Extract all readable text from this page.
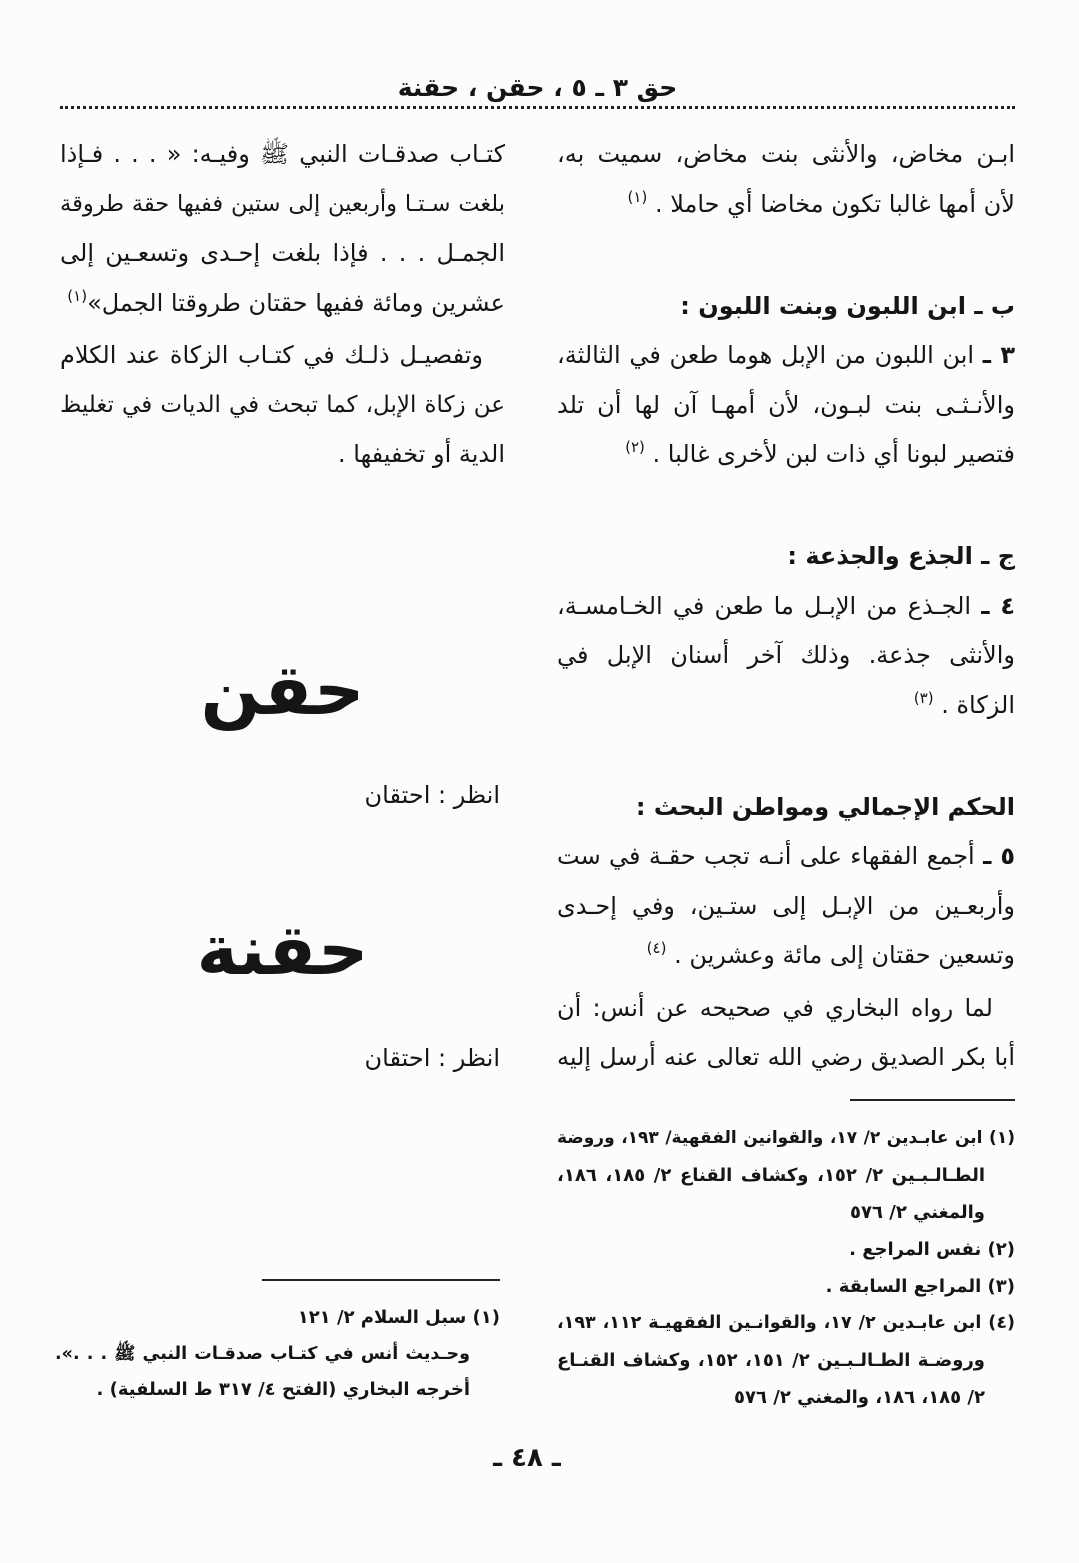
حق ٣ ـ ٥ ، حقن ، حقنة
ابـن مخاض، والأنثى بنت مخاض، سميت به،
لأن أمها غالبا تكون مخاضا أي حاملا . $^{(١)}$
ب ـ ابن اللبون وبنت اللبون :
٣ ـ ابن اللبون من الإبل هوما طعن في الثالثة،
والأنـثـى بنت لبـون، لأن أمهـا آن لها أن تلد
فتصير لبونا أي ذات لبن لأخرى غالبا . $^{(٢)}$
ج ـ الجذع والجذعة :
٤ ـ الجـذع من الإبـل ما طعن في الخـامسـة،
والأنثى جذعة. وذلك آخر أسنان الإبل في
الزكاة . $^{(٣)}$
الحكم الإجمالي ومواطن البحث :
٥ ـ أجمع الفقهاء على أنـه تجب حقـة في ست
وأربعـين من الإبـل إلى ستـين، وفي إحـدى
وتسعين حقتان إلى مائة وعشرين . $^{(٤)}$
لما رواه البخاري في صحيحه عن أنس: أن
أبا بكر الصديق رضي الله تعالى عنه أرسل إليه
كتـاب صدقـات النبي ﷺ وفيـه: « . . . فـإذا
بلغت سـتـا وأربعين إلى ستين ففيها حقة طروقة
الجمـل . . . فإذا بلغت إحـدى وتسعـين إلى
عشرين ومائة ففيها حقتان طروقتا الجمل»$^{(١)}$
وتفصيـل ذلـك في كتـاب الزكاة عند الكلام
عن زكاة الإبل، كما تبحث في الديات في تغليظ
الدية أو تخفيفها .
حقن
انظر : احتقان
حقنة
انظر : احتقان
(١) ابن عابـدين ٢/ ١٧، والقوانين الفقهية/ ١٩٣، وروضة
الطـالـبـين ٢/ ١٥٢، وكشاف القناع ٢/ ١٨٥، ١٨٦،
والمغني ٢/ ٥٧٦
(٢) نفس المراجع .
(٣) المراجع السابقة .
(٤) ابن عابـدين ٢/ ١٧، والقوانـين الفقهيـة ١١٢، ١٩٣،
وروضـة الطـالـبـين ٢/ ١٥١، ١٥٢، وكشاف القنـاع
٢/ ١٨٥، ١٨٦، والمغني ٢/ ٥٧٦
(١) سبل السلام ٢/ ١٢١
وحـديث أنس في كتـاب صدقـات النبي ﷺ . . .».
أخرجه البخاري (الفتح ٤/ ٣١٧ ط السلفية) .
ـ ٤٨ ـ
